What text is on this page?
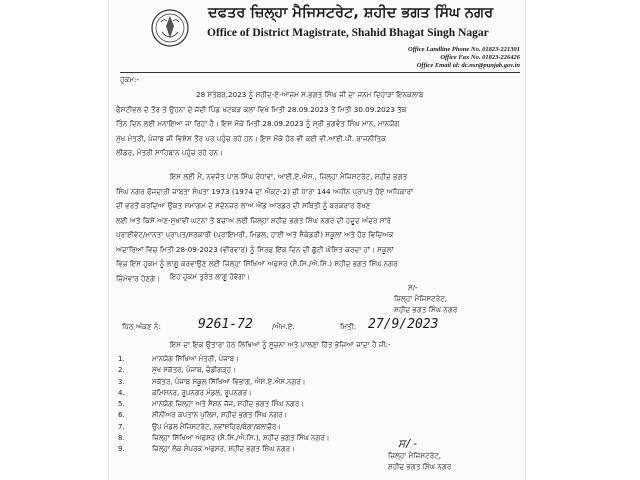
ਦਫਤਰ ਜ਼ਿਲ੍ਹਾ ਮੈਜਿਸਟਰੇਟ, ਸ਼ਹੀਦ ਭਗਤ ਸਿੰਘ ਨਗਰ
Office of District Magistrate, Shahid Bhagat Singh Nagar
Office Landline Phone No. 01823-221301
Office Fax No. 01823-226426
Office Email id: dc.nsr@punjab.gov.in
ਹੁਕਮ:-
28 ਸਤੰਬਰ,2023 ਨੂੰ ਸ਼ਹੀਦ-ਏ-ਆਜ਼ਮ ਸ.ਭਗਤ ਸਿੰਘ ਜੀ ਦਾ ਜਨਮ ਦਿਹਾੜਾ ਇਨਕਲਾਬ
ਫੈਸਟੀਵਲ ਦੇ ਤੌਰ ਤੇ ਉਹਨਾ ਦੇ ਜੱਦੀ ਪਿੰਡ ਖਟਕੜ ਕਲਾਂ ਵਿਖੇ ਮਿਤੀ 28.09.2023 ਤੋਂ ਮਿਤੀ 30.09.2023 ਤੱਕ
ਤਿੰਨ ਦਿਨ ਲਈ ਮਨਾਇਆ ਜਾ ਰਿਹਾ ਹੈ। ਇਸ ਮੌਕੇ ਮਿਤੀ 28.09.2023 ਨੂੰ ਸ਼੍ਰੀ ਭਗਵੰਤ ਸਿੰਘ ਮਾਨ, ਮਾਨਯੋਗ
ਮੁੱਖ ਮੰਤਰੀ, ਪੰਜਾਬ ਜੀ ਵਿਸ਼ੇਸ਼ ਤੌਰ ਪਰ ਪਹੁੰਚ ਰਹੇ ਹਨ। ਇਸ ਮੌਕੇ ਹੋਰ ਵੀ ਕਈ ਵੀ.ਆਈ.ਪੀ. ਰਾਜਨੀਤਿਕ
ਲੀਡਰ, ਮੰਤਰੀ ਸਾਹਿਬਾਨ ਪਹੁੰਚ ਰਹੇ ਹਨ।
ਇਸ ਲਈ ਮੈਂ, ਨਵਜੋਤ ਪਾਲ ਸਿੰਘ ਰੰਧਾਵਾ, ਆਈ.ਏ.ਐਸ., ਜ਼ਿਲ੍ਹਾ ਮੈਜਿਸਟਰੇਟ, ਸ਼ਹੀਦ ਭਗਤ
ਸਿੰਘ ਨਗਰ ਫੌਜਦਾਰੀ ਜਾਬਤਾ ਸੰਘਤਾ 1973 (1974 ਦਾ ਐਕਟ-2) ਦੀ ਧਾਰਾ 144 ਅਧੀਨ ਪ੍ਰਾਪਤ ਹੋਏ ਅਧਿਕਾਰਾਂ
ਦੀ ਵਰਤੋਂ ਕਰਦਿਆ ਉਕਤ ਸਮਾਗਮ ਦੇ ਮੱਦੇਨਜ਼ਰ ਲਾਅ ਐਂਡ ਆਰਡਰ ਦੀ ਸਥਿਤੀ ਨੂੰ ਬਰਕਰਾਰ ਰੱਖਣ
ਲਈ ਅਤੇ ਕਿਸੇ ਅਣ-ਸੁਖਾਵੀਂ ਘਟਨਾ ਤੋਂ ਬਚਾਅ ਲਈ ਜ਼ਿਲ੍ਹਾ ਸ਼ਹੀਦ ਭਗਤ ਸਿੰਘ ਨਗਰ ਦੀ ਹਦੂਦ ਅੰਦਰ ਸਾਰੇ
ਪ੍ਰਾਈਵੇਟ/ਮਾਨਤਾ ਪ੍ਰਾਪਤ/ਸਰਕਾਰੀ (ਪ੍ਰਾਇਮਰੀ, ਮਿਡਲ, ਹਾਈ ਅਤੇ ਸੈਕੰਡਰੀ) ਸਕੂਲਾਂ ਅਤੇ ਹੋਰ ਵਿਦਿਅਕ
ਅਦਾਰਿਆਂ ਵਿਚ ਮਿਤੀ 28-09-2023 (ਵੀਰਵਾਰ) ਨੂੰ ਸਿਰਫ ਇੱਕ ਦਿਨ ਦੀ ਛੁੱਟੀ ਘੋਸ਼ਿਤ ਕਰਦਾ ਹਾਂ। ਸਕੂਲਾਂ
ਵਿਚ ਇਸ ਹੁਕਮ ਨੂੰ ਲਾਗੂ ਕਰਵਾਉਣ ਲਈ ਜ਼ਿਲ੍ਹਾ ਸਿੱਖਿਆ ਅਫਸਰ (ਸੈ.ਸਿ./ਐ.ਸਿ.) ਸ਼ਹੀਦ ਭਗਤ ਸਿੰਘ ਨਗਰ
ਜ਼ਿੰਮੇਵਾਰ ਹੋਣਗੇ।	ਇਹ ਹੁਕਮ ਤੁਰੰਤ ਲਾਗੂ ਹੋਵੇਗਾ।
ਸ/-
ਜ਼ਿਲ੍ਹਾ ਮੈਜਿਸਟਰੇਟ,
ਸ਼ਹੀਦ ਭਗਤ ਸਿੰਘ ਨਗਰ
ਪਿੱਠ ਅੰਕਣ ਨੰ:	9261-72	/ਐਮ.ਏ.	ਮਿਤੀ: 27/9/2023
ਇਸ ਦਾ ਇਕ ਉਤਾਰਾ ਹੇਠ ਲਿਖਿਆ ਨੂੰ ਸੂਚਨਾ ਅਤੇ ਪਾਲਣਾ ਹਿੱਤ ਭੇਜਿਆ ਜਾਂਦਾ ਹੈ ਜੀ:-
1.	ਮਾਨਯੋਗ ਸਿੱਖਿਆ ਮੰਤਰੀ, ਪੰਜਾਬ।
2.	ਮੁੱਖ ਸਕੱਤਰ, ਪੰਜਾਬ, ਚੰਡੀਗੜ੍ਹ।
3.	ਸਕੱਤਰ, ਪੰਜਾਬ ਸਕੂਲ ਸਿੱਖਿਆ ਵਿਭਾਗ, ਐਸ.ਏ.ਐਸ.ਨਗਰ।
4.	ਕਮਿਸ਼ਨਰ, ਰੂਪਨਗਰ ਮੰਡਲ, ਰੂਪਨਗਰ।
5.	ਮਾਨਯੋਗ ਜ਼ਿਲ੍ਹਾ ਅਤੇ ਸੈਸ਼ਨ ਜੱਜ, ਸ਼ਹੀਦ ਭਗਤ ਸਿੰਘ ਨਗਰ।
6.	ਸੀਨੀਅਰ ਕਪਤਾਨ ਪੁਲਿਸ, ਸ਼ਹੀਦ ਭਗਤ ਸਿੰਘ ਨਗਰ।
7.	ਉਪ ਮੰਡਲ ਮੈਜਿਸਟਰੇਟ, ਨਵਾਂਸ਼ਹਿਰ/ਬੰਗਾ/ਬਲਾਚੌਰ।
8.	ਜ਼ਿਲ੍ਹਾ ਸਿੱਖਿਆ ਅਫਸਰ (ਸੈ.ਸਿ./ਐ.ਸਿ.), ਸ਼ਹੀਦ ਭਗਤ ਸਿੰਘ ਨਗਰ।
9.	ਜ਼ਿਲ੍ਹਾ ਲੋਕ ਸੰਪਰਕ ਅਫਸਰ, ਸ਼ਹੀਦ ਭਗਤ ਸਿੰਘ ਨਗਰ।	ਸ/-
ਜ਼ਿਲ੍ਹਾ ਮੈਜਿਸਟਰੇਟ,
ਸ਼ਹੀਦ ਭਗਤ ਸਿੰਘ ਨਗਰ
